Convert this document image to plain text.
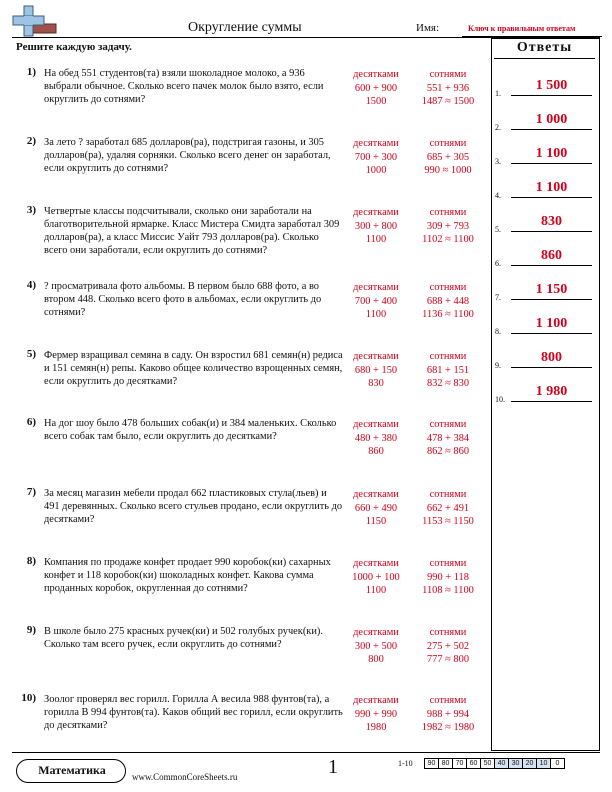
Округление суммы	Имя:	Ключ к правильным ответам
Решите каждую задачу.
1) На обед 551 студентов(та) взяли шоколадное молоко, а 936 выбрали обычное. Сколько всего пачек молок было взято, если округлить до сотнями?
десятками
600 + 900
1500
сотнями
551 + 936
1487 ≈ 1500
2) За лето ? заработал 685 долларов(ра), подстригая газоны, и 305 долларов(ра), удаляя сорняки. Сколько всего денег он заработал, если округлить до сотнями?
десятками
700 + 300
1000
сотнями
685 + 305
990 ≈ 1000
3) Четвертые классы подсчитывали, сколько они заработали на благотворительной ярмарке. Класс Мистера Смидта заработал 309 долларов(ра), а класс Миссис Уайт 793 долларов(ра). Сколько всего они заработали, если округлить до сотнями?
десятками
300 + 800
1100
сотнями
309 + 793
1102 ≈ 1100
4) ? просматривала фото альбомы. В первом было 688 фото, а во втором 448. Сколько всего фото в альбомах, если округлить до сотнями?
десятками
700 + 400
1100
сотнями
688 + 448
1136 ≈ 1100
5) Фермер взращивал семяна в саду. Он взростил 681 семян(н) редиса и 151 семян(н) репы. Каково общее количество взрощенных семян, если округлить до десятками?
десятками
680 + 150
830
сотнями
681 + 151
832 ≈ 830
6) На дог шоу было 478 больших собак(и) и 384 маленьких. Сколько всего собак там было, если округлить до десятками?
десятками
480 + 380
860
сотнями
478 + 384
862 ≈ 860
7) За месяц магазин мебели продал 662 пластиковых стула(льев) и 491 деревянных. Сколько всего стульев продано, если округлить до десятками?
десятками
660 + 490
1150
сотнями
662 + 491
1153 ≈ 1150
8) Компания по продаже конфет продает 990 коробок(ки) сахарных конфет и 118 коробок(ки) шоколадных конфет. Какова сумма проданных коробок, округленная до сотнями?
десятками
1000 + 100
1100
сотнями
990 + 118
1108 ≈ 1100
9) В школе было 275 красных ручек(ки) и 502 голубых ручек(ки). Сколько там всего ручек, если округлить до сотнями?
десятками
300 + 500
800
сотнями
275 + 502
777 ≈ 800
10) Зоолог проверял вес горилл. Горилла А весила 988 фунтов(та), а горилла В 994 фунтов(та). Каков общий вес горилл, если округлить до десятками?
десятками
990 + 990
1980
сотнями
988 + 994
1982 ≈ 1980
Ответы
1.
1 500
2.
1 000
3.
1 100
4.
1 100
5.
830
6.
860
7.
1 150
8.
1 100
9.
800
10.
1 980
Математика	www.CommonCoreSheets.ru	1	1-10 90	80	70	60	50	40	30	20	10	0
